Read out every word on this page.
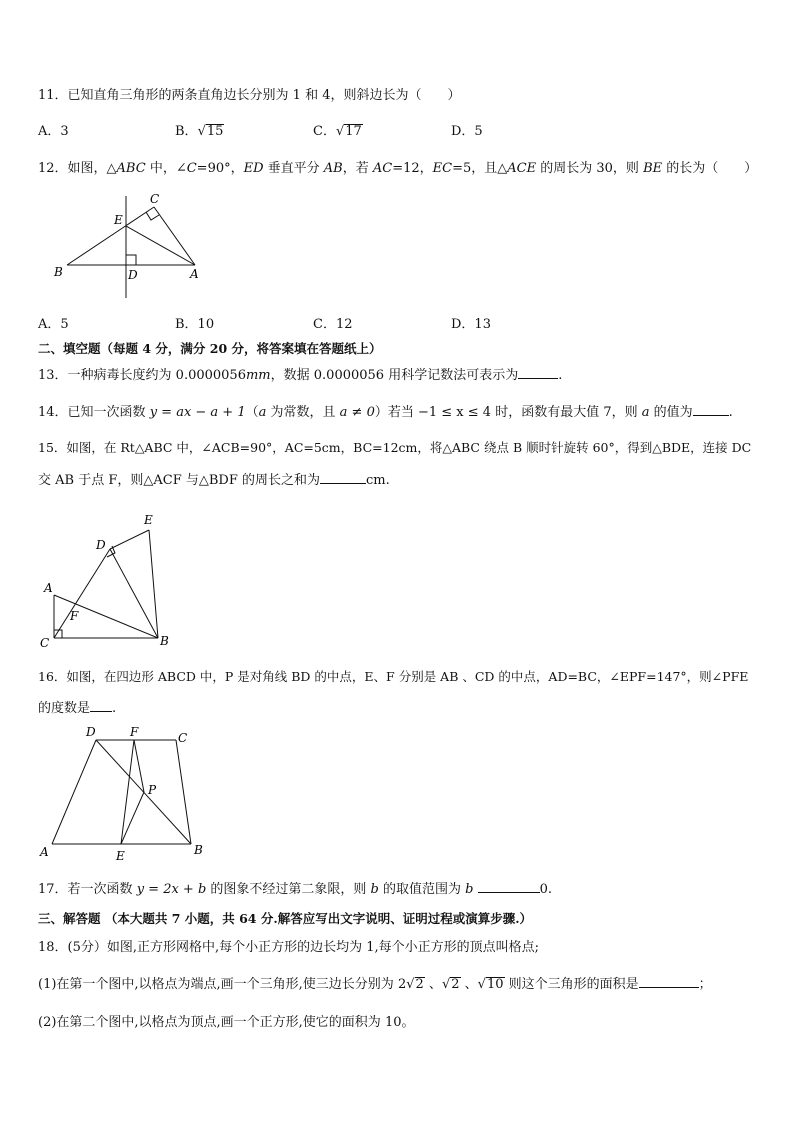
11．已知直角三角形的两条直角边长分别为 1 和 4，则斜边长为（　　）
A．3	B．√15	C．√17	D．5
12．如图，△ABC 中，∠C=90°，ED 垂直平分 AB，若 AC=12，EC=5，且△ACE 的周长为 30，则 BE 的长为（　　）
B	D	A
E
C
A．5	B．10	C．12	D．13
二、填空题（每题 4 分，满分 20 分，将答案填在答题纸上）
13．一种病毒长度约为 0.0000056mm，数据 0.0000056 用科学记数法可表示为	.
14．已知一次函数 y = ax − a + 1（a 为常数，且 a ≠ 0）若当 −1 ≤ x ≤ 4 时，函数有最大值 7，则 a 的值为	.
15．如图，在 Rt△ABC 中，∠ACB=90°，AC=5cm，BC=12cm，将△ABC 绕点 B 顺时针旋转 60°，得到△BDE，连接 DC
交 AB 于点 F，则△ACF 与△BDF 的周长之和为	cm.
E
D
A
F
C	B
16．如图，在四边形 ABCD 中，P 是对角线 BD 的中点，E、F 分别是 AB 、CD 的中点，AD=BC，∠EPF=147°，则∠PFE
的度数是 .
D	F	C
P
A	E	B
17．若一次函数 y = 2x + b 的图象不经过第二象限，则 b 的取值范围为 b	0.
三、解答题 （本大题共 7 小题，共 64 分.解答应写出文字说明、证明过程或演算步骤.）
18．(5分）如图,正方形网格中,每个小正方形的边长均为 1,每个小正方形的顶点叫格点;
(1)在第一个图中,以格点为端点,画一个三角形,使三边长分别为 2√2 、√2 、√10 则这个三角形的面积是	；
(2)在第二个图中,以格点为顶点,画一个正方形,使它的面积为 10。
